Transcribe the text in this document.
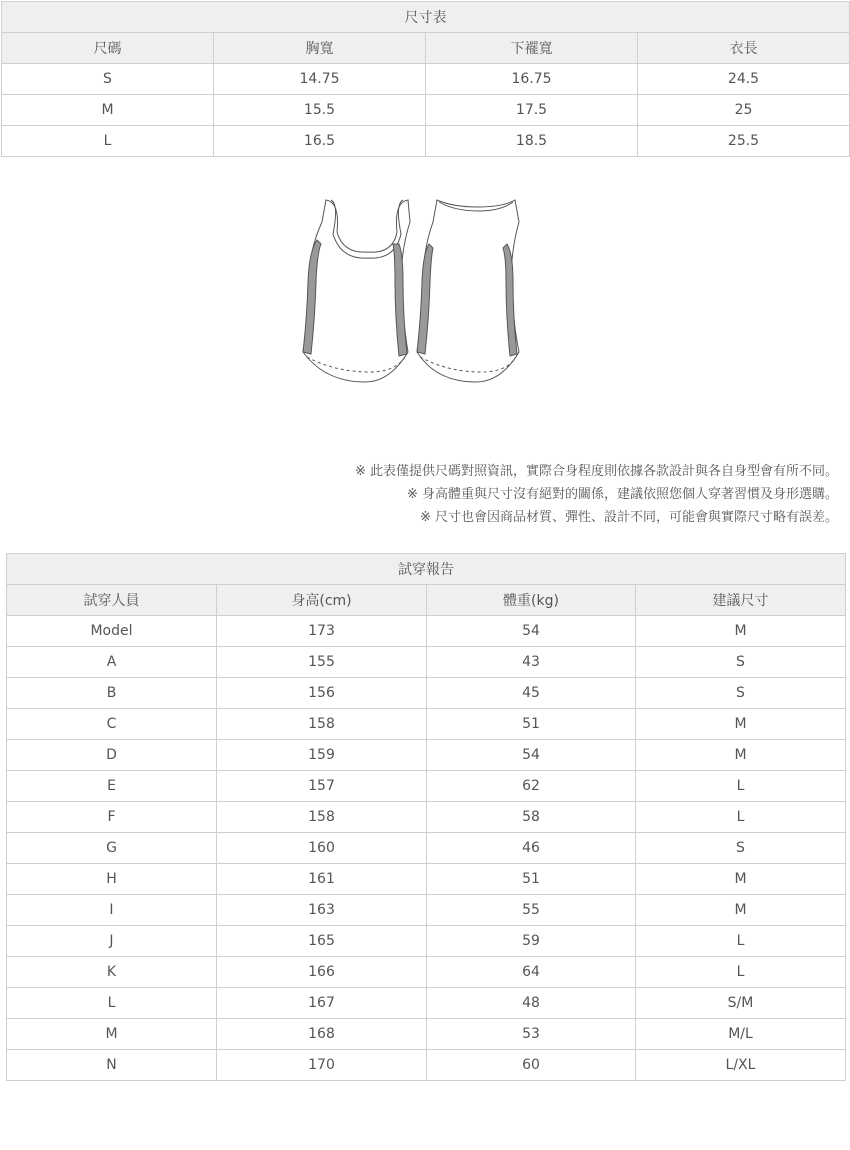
尺寸表			
尺碼	胸寬	下襬寬	衣長
S	14.75	16.75	24.5
M	15.5	17.5	25
L	16.5	18.5	25.5
※ 此表僅提供尺碼對照資訊，實際合身程度則依據各款設計與各自身型會有所不同。
※ 身高體重與尺寸沒有絕對的關係，建議依照您個人穿著習慣及身形選購。
※ 尺寸也會因商品材質、彈性、設計不同，可能會與實際尺寸略有誤差。
試穿報告			
試穿人員	身高(cm)	體重(kg)	建議尺寸
Model	173	54	M
A	155	43	S
B	156	45	S
C	158	51	M
D	159	54	M
E	157	62	L
F	158	58	L
G	160	46	S
H	161	51	M
I	163	55	M
J	165	59	L
K	166	64	L
L	167	48	S/M
M	168	53	M/L
N	170	60	L/XL
